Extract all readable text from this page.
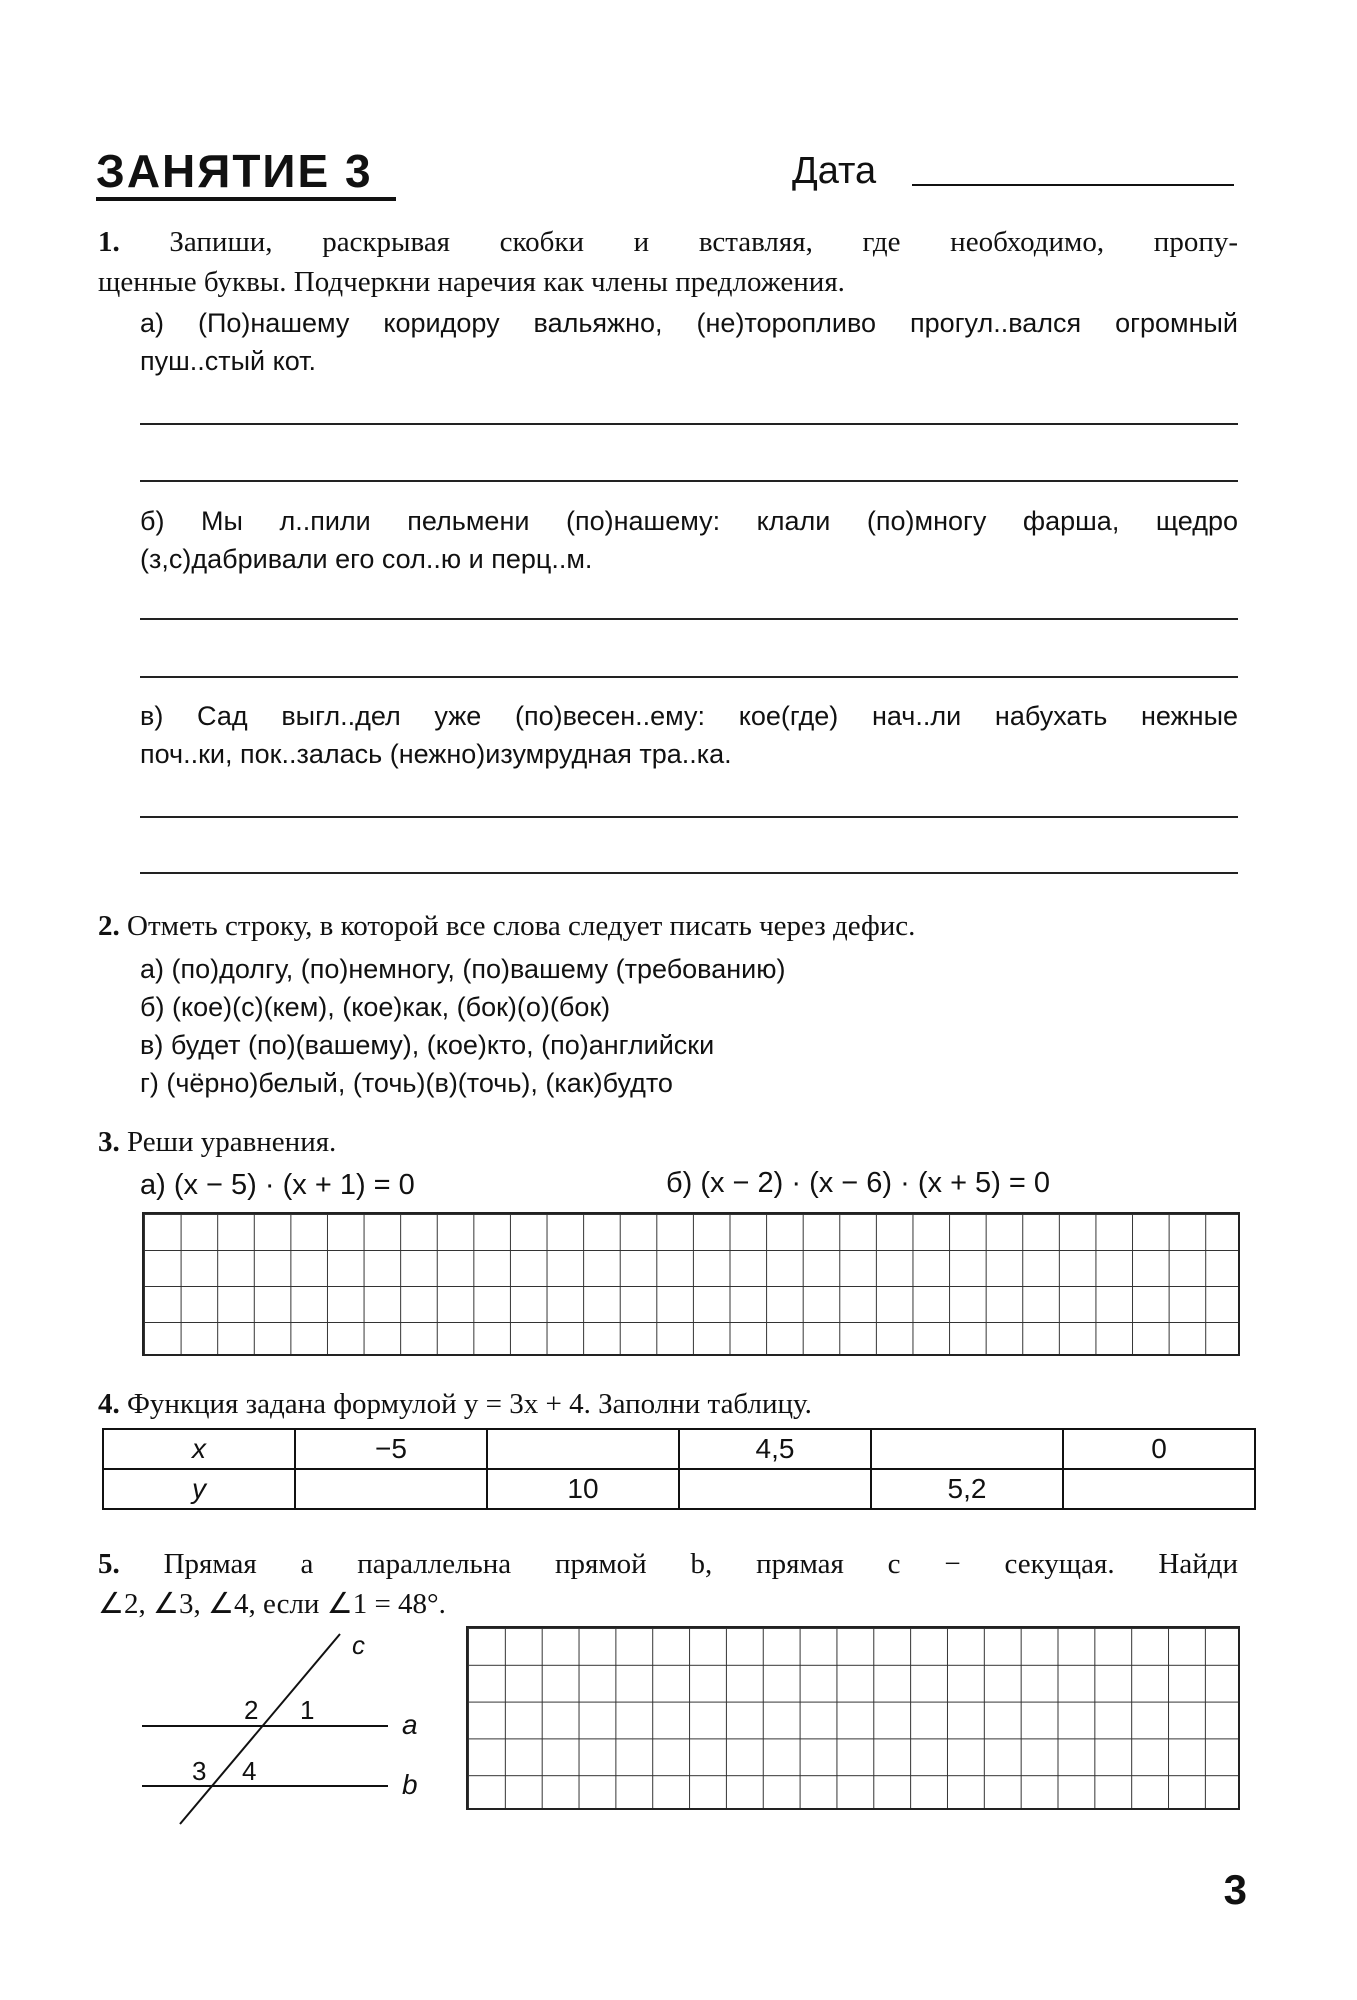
ЗАНЯТИЕ 3	Дата
1. Запиши, раскрывая скобки и вставляя, где необходимо, пропу-
щенные буквы. Подчеркни наречия как члены предложения.
а) (По)нашему коридору вальяжно, (не)торопливо прогул..вался огромный
пуш..стый кот.
б) Мы л..пили пельмени (по)нашему: клали (по)многу фарша, щедро
(з,с)дабривали его сол..ю и перц..м.
в) Сад выгл..дел уже (по)весен..ему: кое(где) нач..ли набухать нежные
поч..ки, пок..залась (нежно)изумрудная тра..ка.
2. Отметь строку, в которой все слова следует писать через дефис.
а) (по)долгу, (по)немногу, (по)вашему (требованию)
б) (кое)(с)(кем), (кое)как, (бок)(о)(бок)
в) будет (по)(вашему), (кое)кто, (по)английски
г) (чёрно)белый, (точь)(в)(точь), (как)будто
3. Реши уравнения.
а) (x − 5) · (x + 1) = 0	б) (x − 2) · (x − 6) · (x + 5) = 0
4. Функция задана формулой y = 3x + 4. Заполни таблицу.
x	−5		4,5		0
y		10		5,2	
5. Прямая a параллельна прямой b, прямая c − секущая. Найди
∠2, ∠3, ∠4, если ∠1 = 48°.
c
a
b
2 1
3 4
3
